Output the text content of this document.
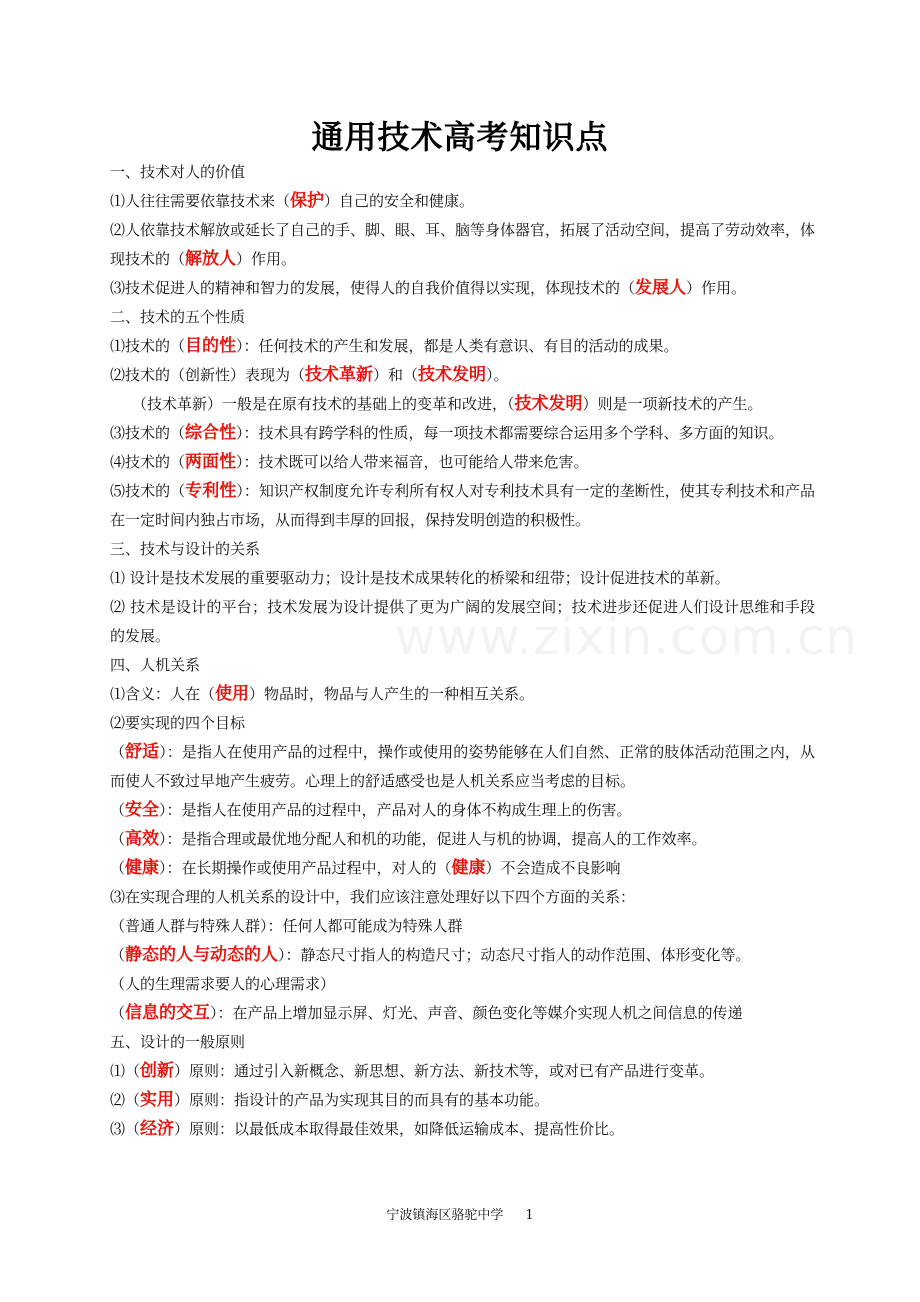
通用技术高考知识点
一、技术对人的价值
⑴人往往需要依靠技术来（保护）自己的安全和健康。
⑵人依靠技术解放或延长了自己的手、脚、眼、耳、脑等身体器官，拓展了活动空间，提高了劳动效率，体现技术的（解放人）作用。
⑶技术促进人的精神和智力的发展，使得人的自我价值得以实现，体现技术的（发展人）作用。
二、技术的五个性质
⑴技术的（目的性）：任何技术的产生和发展，都是人类有意识、有目的活动的成果。
⑵技术的（创新性）表现为（技术革新）和（技术发明）。
（技术革新）一般是在原有技术的基础上的变革和改进，（技术发明）则是一项新技术的产生。
⑶技术的（综合性）：技术具有跨学科的性质，每一项技术都需要综合运用多个学科、多方面的知识。
⑷技术的（两面性）：技术既可以给人带来福音，也可能给人带来危害。
⑸技术的（专利性）：知识产权制度允许专利所有权人对专利技术具有一定的垄断性，使其专利技术和产品在一定时间内独占市场，从而得到丰厚的回报，保持发明创造的积极性。
三、技术与设计的关系
⑴ 设计是技术发展的重要驱动力；设计是技术成果转化的桥梁和纽带；设计促进技术的革新。
⑵ 技术是设计的平台；技术发展为设计提供了更为广阔的发展空间；技术进步还促进人们设计思维和手段的发展。
四、人机关系
⑴含义：人在（使用）物品时，物品与人产生的一种相互关系。
⑵要实现的四个目标
（舒适）：是指人在使用产品的过程中，操作或使用的姿势能够在人们自然、正常的肢体活动范围之内，从而使人不致过早地产生疲劳。心理上的舒适感受也是人机关系应当考虑的目标。
（安全）：是指人在使用产品的过程中，产品对人的身体不构成生理上的伤害。
（高效）：是指合理或最优地分配人和机的功能，促进人与机的协调，提高人的工作效率。
（健康）：在长期操作或使用产品过程中，对人的（健康）不会造成不良影响
⑶在实现合理的人机关系的设计中，我们应该注意处理好以下四个方面的关系：
（普通人群与特殊人群）：任何人都可能成为特殊人群
（静态的人与动态的人）：静态尺寸指人的构造尺寸；动态尺寸指人的动作范围、体形变化等。
（人的生理需求要人的心理需求）
（信息的交互）：在产品上增加显示屏、灯光、声音、颜色变化等媒介实现人机之间信息的传递
五、设计的一般原则
⑴（创新）原则：通过引入新概念、新思想、新方法、新技术等，或对已有产品进行变革。
⑵（实用）原则：指设计的产品为实现其目的而具有的基本功能。
⑶（经济）原则：以最低成本取得最佳效果，如降低运输成本、提高性价比。
宁波镇海区骆驼中学 1
